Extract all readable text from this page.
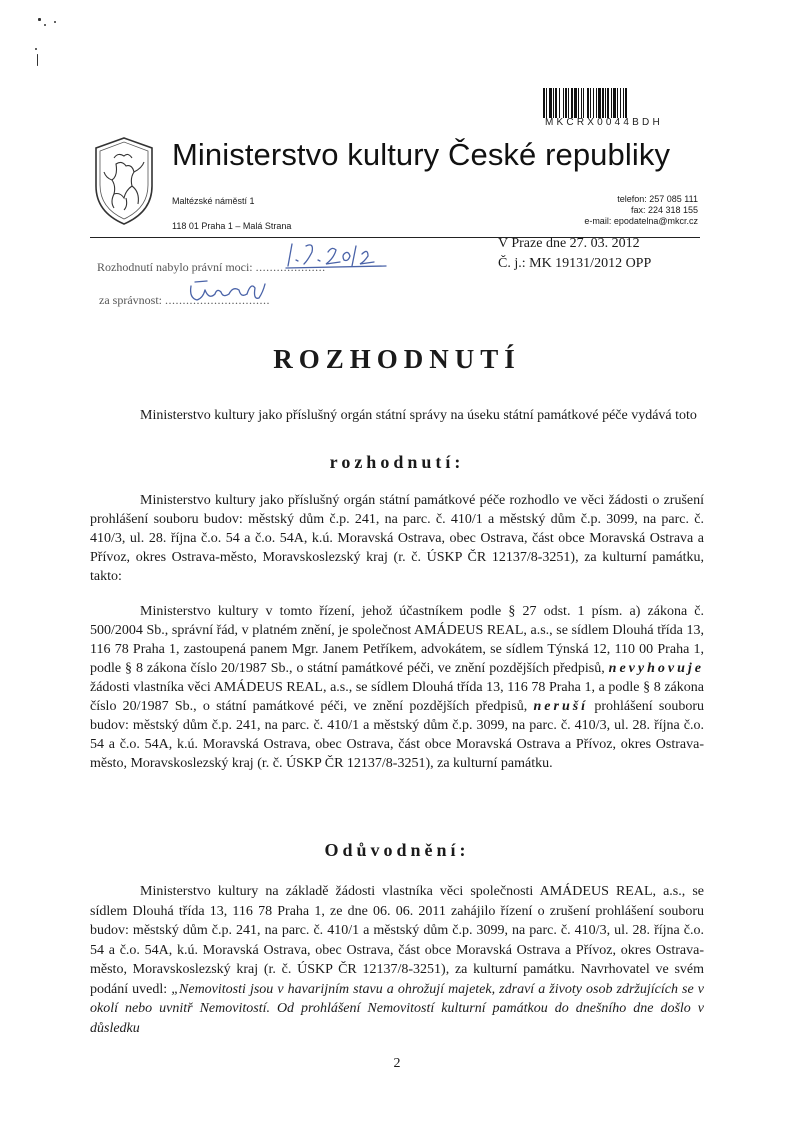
MKCRX0044BDH
Ministerstvo kultury České republiky
Maltézské náměstí 1
118 01 Praha 1 – Malá Strana
telefon: 257 085 111
fax: 224 318 155
e-mail: epodatelna@mkcr.cz
Rozhodnutí nabylo právní moci: ....................
za správnost: ..............................
V Praze dne 27. 03. 2012
Č. j.: MK 19131/2012 OPP
ROZHODNUTÍ
Ministerstvo kultury jako příslušný orgán státní správy na úseku státní památkové péče vydává toto
rozhodnutí:
Ministerstvo kultury jako příslušný orgán státní památkové péče rozhodlo ve věci žádosti o zrušení prohlášení souboru budov: městský dům č.p. 241, na parc. č. 410/1 a městský dům č.p. 3099, na parc. č. 410/3, ul. 28. října č.o. 54 a č.o. 54A, k.ú. Moravská Ostrava, obec Ostrava, část obce Moravská Ostrava a Přívoz, okres Ostrava-město, Moravskoslezský kraj (r. č. ÚSKP ČR 12137/8-3251), za kulturní památku, takto:
Ministerstvo kultury v tomto řízení, jehož účastníkem podle § 27 odst. 1 písm. a) zákona č. 500/2004 Sb., správní řád, v platném znění, je společnost AMÁDEUS REAL, a.s., se sídlem Dlouhá třída 13, 116 78 Praha 1, zastoupená panem Mgr. Janem Petříkem, advokátem, se sídlem Týnská 12, 110 00 Praha 1, podle § 8 zákona číslo 20/1987 Sb., o státní památkové péči, ve znění pozdějších předpisů, nevyhovuje žádosti vlastníka věci AMÁDEUS REAL, a.s., se sídlem Dlouhá třída 13, 116 78 Praha 1, a podle § 8 zákona číslo 20/1987 Sb., o státní památkové péči, ve znění pozdějších předpisů, neruší prohlášení souboru budov: městský dům č.p. 241, na parc. č. 410/1 a městský dům č.p. 3099, na parc. č. 410/3, ul. 28. října č.o. 54 a č.o. 54A, k.ú. Moravská Ostrava, obec Ostrava, část obce Moravská Ostrava a Přívoz, okres Ostrava-město, Moravskoslezský kraj (r. č. ÚSKP ČR 12137/8-3251), za kulturní památku.
Odůvodnění:
Ministerstvo kultury na základě žádosti vlastníka věci společnosti AMÁDEUS REAL, a.s., se sídlem Dlouhá třída 13, 116 78 Praha 1, ze dne 06. 06. 2011 zahájilo řízení o zrušení prohlášení souboru budov: městský dům č.p. 241, na parc. č. 410/1 a městský dům č.p. 3099, na parc. č. 410/3, ul. 28. října č.o. 54 a č.o. 54A, k.ú. Moravská Ostrava, obec Ostrava, část obce Moravská Ostrava a Přívoz, okres Ostrava-město, Moravskoslezský kraj (r. č. ÚSKP ČR 12137/8-3251), za kulturní památku. Navrhovatel ve svém podání uvedl: „Nemovitosti jsou v havarijním stavu a ohrožují majetek, zdraví a životy osob zdržujících se v okolí nebo uvnitř Nemovitostí. Od prohlášení Nemovitostí kulturní památkou do dnešního dne došlo v důsledku
2
